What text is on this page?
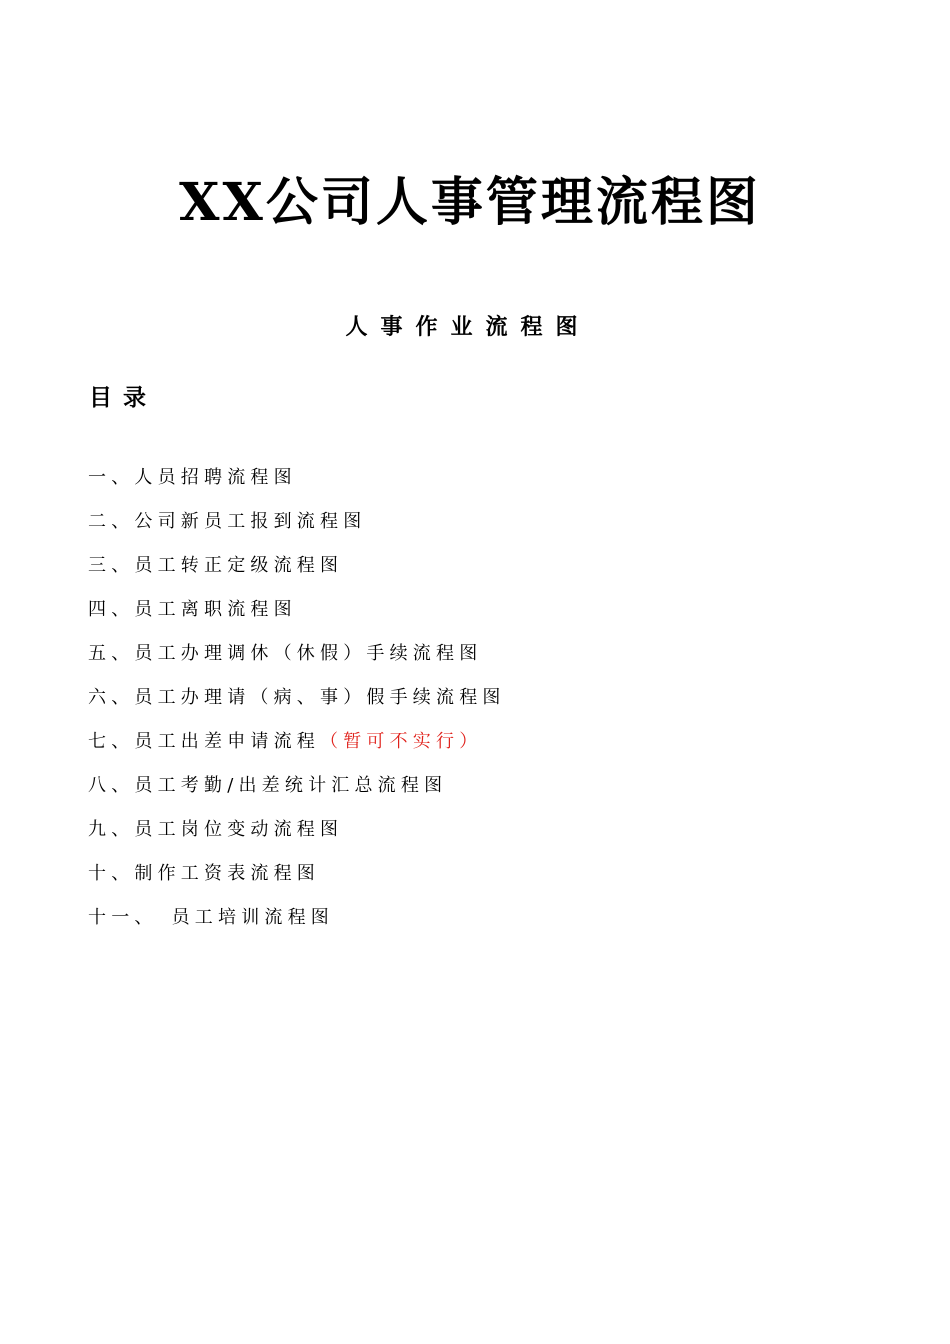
XX公司人事管理流程图
人事作业流程图
目录
一、人员招聘流程图
二、公司新员工报到流程图
三、员工转正定级流程图
四、员工离职流程图
五、员工办理调休（休假）手续流程图
六、员工办理请（病、事）假手续流程图
七、员工出差申请流程（暂可不实行）
八、员工考勤/出差统计汇总流程图
九、员工岗位变动流程图
十、制作工资表流程图
十一、 员工培训流程图
